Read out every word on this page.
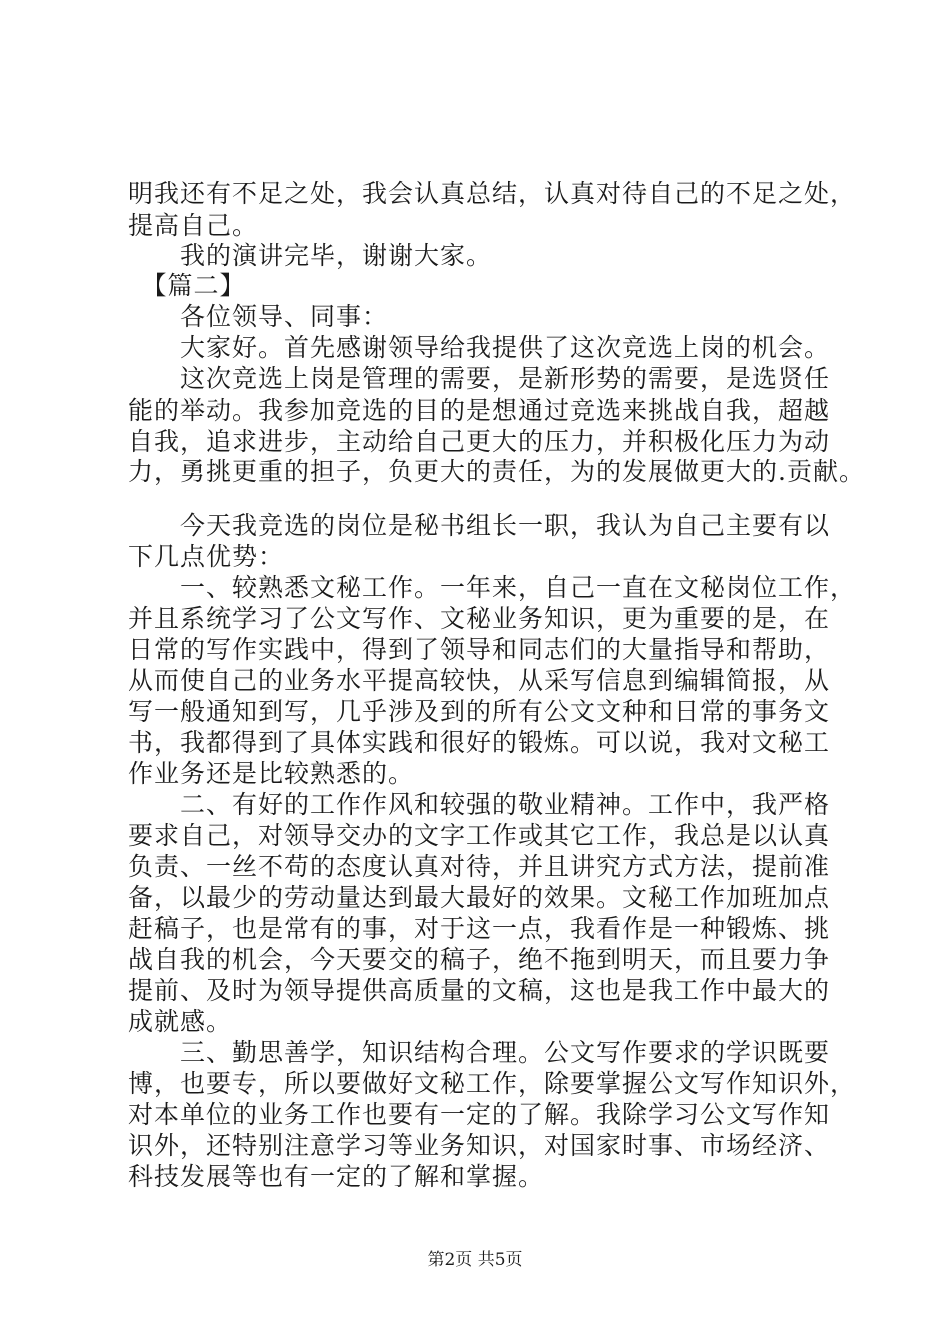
明我还有不足之处，我会认真总结，认真对待自己的不足之处，
提高自己。
　　我的演讲完毕，谢谢大家。
　【篇二】
　　各位领导、同事：
　　大家好。首先感谢领导给我提供了这次竞选上岗的机会。
　　这次竞选上岗是管理的需要，是新形势的需要，是选贤任
能的举动。我参加竞选的目的是想通过竞选来挑战自我，超越
自我，追求进步，主动给自己更大的压力，并积极化压力为动
力，勇挑更重的担子，负更大的责任，为的发展做更大的.贡献。
　　今天我竞选的岗位是秘书组长一职，我认为自己主要有以
下几点优势：
　　一、较熟悉文秘工作。一年来，自己一直在文秘岗位工作，
并且系统学习了公文写作、文秘业务知识，更为重要的是，在
日常的写作实践中，得到了领导和同志们的大量指导和帮助，
从而使自己的业务水平提高较快，从采写信息到编辑简报，从
写一般通知到写，几乎涉及到的所有公文文种和日常的事务文
书，我都得到了具体实践和很好的锻炼。可以说，我对文秘工
作业务还是比较熟悉的。
　　二、有好的工作作风和较强的敬业精神。工作中，我严格
要求自己，对领导交办的文字工作或其它工作，我总是以认真
负责、一丝不苟的态度认真对待，并且讲究方式方法，提前准
备，以最少的劳动量达到最大最好的效果。文秘工作加班加点
赶稿子，也是常有的事，对于这一点，我看作是一种锻炼、挑
战自我的机会，今天要交的稿子，绝不拖到明天，而且要力争
提前、及时为领导提供高质量的文稿，这也是我工作中最大的
成就感。
　　三、勤思善学，知识结构合理。公文写作要求的学识既要
博，也要专，所以要做好文秘工作，除要掌握公文写作知识外，
对本单位的业务工作也要有一定的了解。我除学习公文写作知
识外，还特别注意学习等业务知识，对国家时事、市场经济、
科技发展等也有一定的了解和掌握。
第2页 共5页
